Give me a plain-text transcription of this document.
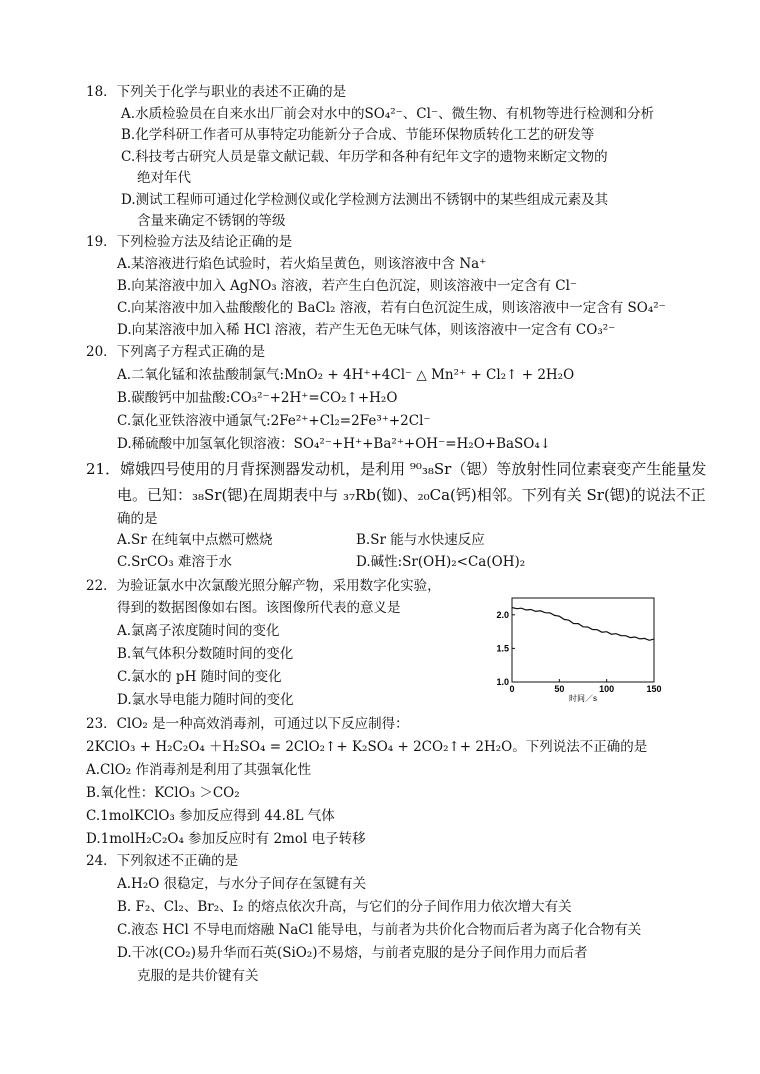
18．下列关于化学与职业的表述不正确的是
A.水质检验员在自来水出厂前会对水中的SO₄²⁻、Cl⁻、微生物、有机物等进行检测和分析
B.化学科研工作者可从事特定功能新分子合成、节能环保物质转化工艺的研发等
C.科技考古研究人员是靠文献记载、年历学和各种有纪年文字的遗物来断定文物的
绝对年代
D.测试工程师可通过化学检测仪或化学检测方法测出不锈钢中的某些组成元素及其
含量来确定不锈钢的等级
19．下列检验方法及结论正确的是
A.某溶液进行焰色试验时，若火焰呈黄色，则该溶液中含 Na⁺
B.向某溶液中加入 AgNO₃ 溶液，若产生白色沉淀，则该溶液中一定含有 Cl⁻
C.向某溶液中加入盐酸酸化的 BaCl₂ 溶液，若有白色沉淀生成，则该溶液中一定含有 SO₄²⁻
D.向某溶液中加入稀 HCl 溶液，若产生无色无味气体，则该溶液中一定含有 CO₃²⁻
20．下列离子方程式正确的是
A.二氧化锰和浓盐酸制氯气:MnO₂ + 4H⁺+4Cl⁻ △ Mn²⁺ + Cl₂↑ + 2H₂O
B.碳酸钙中加盐酸:CO₃²⁻+2H⁺=CO₂↑+H₂O
C.氯化亚铁溶液中通氯气:2Fe²⁺+Cl₂=2Fe³⁺+2Cl⁻
D.稀硫酸中加氢氧化钡溶液：SO₄²⁻+H⁺+Ba²⁺+OH⁻=H₂O+BaSO₄↓
21．嫦娥四号使用的月背探测器发动机，是利用 ⁹⁰₃₈Sr（锶）等放射性同位素衰变产生能量发
电。已知：₃₈Sr(锶)在周期表中与 ₃₇Rb(铷)、₂₀Ca(钙)相邻。下列有关 Sr(锶)的说法不正
确的是
A.Sr 在纯氧中点燃可燃烧	B.Sr 能与水快速反应
C.SrCO₃ 难溶于水	D.碱性:Sr(OH)₂<Ca(OH)₂
22．为验证氯水中次氯酸光照分解产物，采用数字化实验，
得到的数据图像如右图。该图像所代表的意义是
A.氯离子浓度随时间的变化
B.氧气体积分数随时间的变化
C.氯水的 pH 随时间的变化
D.氯水导电能力随时间的变化
0	50	100	150
1.0
1.5
2.0
时间／s
23．ClO₂ 是一种高效消毒剂，可通过以下反应制得：
2KClO₃ + H₂C₂O₄ ＋H₂SO₄ = 2ClO₂↑+ K₂SO₄ + 2CO₂↑+ 2H₂O。下列说法不正确的是
A.ClO₂ 作消毒剂是利用了其强氧化性
B.氧化性：KClO₃ ＞CO₂
C.1molKClO₃ 参加反应得到 44.8L 气体
D.1molH₂C₂O₄ 参加反应时有 2mol 电子转移
24．下列叙述不正确的是
A.H₂O 很稳定，与水分子间存在氢键有关
B. F₂、Cl₂、Br₂、I₂ 的熔点依次升高，与它们的分子间作用力依次增大有关
C.液态 HCl 不导电而熔融 NaCl 能导电，与前者为共价化合物而后者为离子化合物有关
D.干冰(CO₂)易升华而石英(SiO₂)不易熔，与前者克服的是分子间作用力而后者
克服的是共价键有关
